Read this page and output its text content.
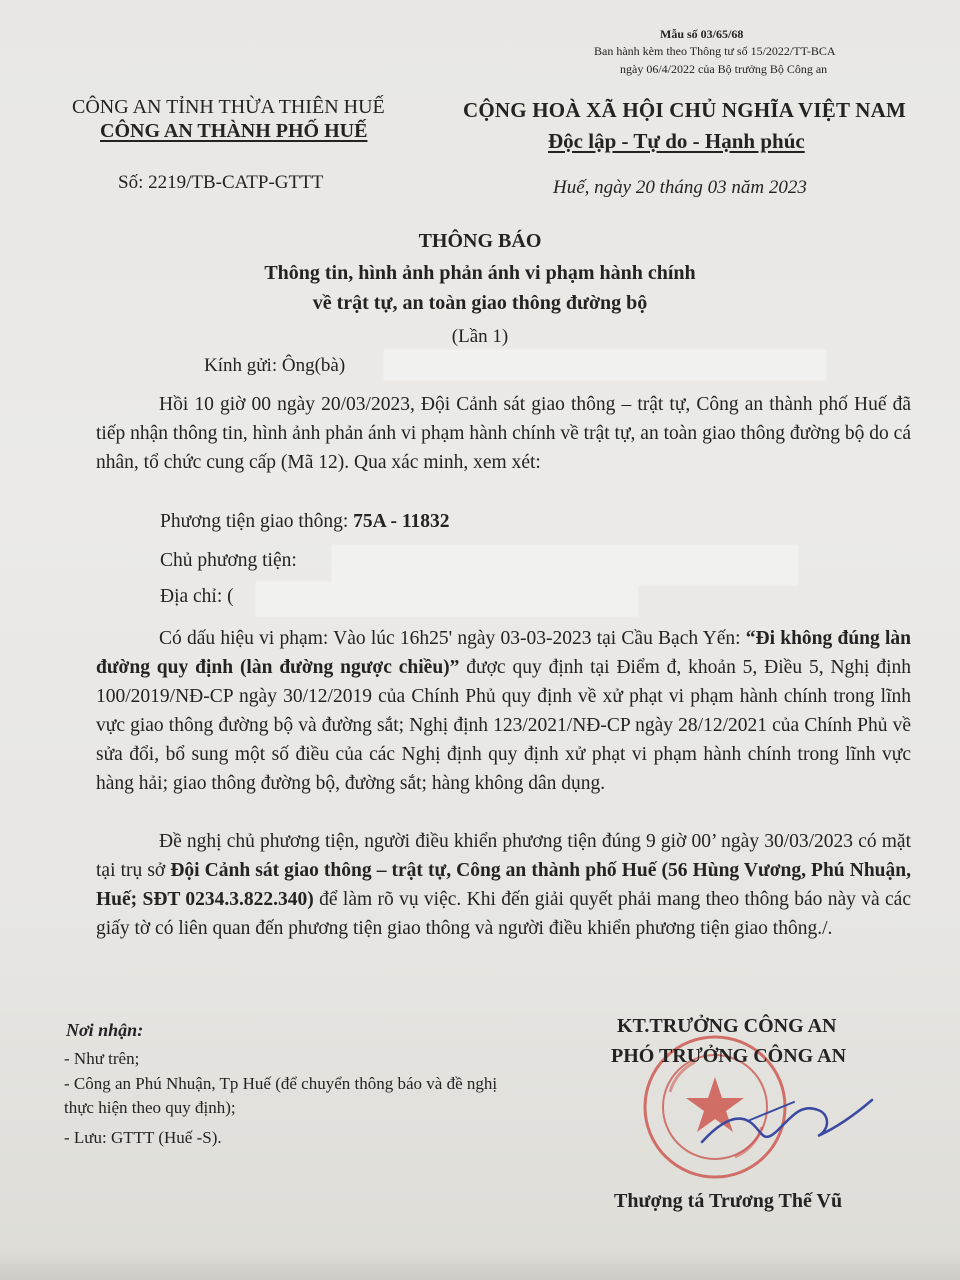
Mẫu số 03/65/68
Ban hành kèm theo Thông tư số 15/2022/TT-BCA
ngày 06/4/2022 của Bộ trưởng Bộ Công an
CÔNG AN TỈNH THỪA THIÊN HUẾ
CÔNG AN THÀNH PHỐ HUẾ
Số: 2219/TB-CATP-GTTT
CỘNG HOÀ XÃ HỘI CHỦ NGHĨA VIỆT NAM
Độc lập - Tự do - Hạnh phúc
Huế, ngày 20 tháng 03 năm 2023
THÔNG BÁO
Thông tin, hình ảnh phản ánh vi phạm hành chính
về trật tự, an toàn giao thông đường bộ
(Lần 1)
Kính gửi: Ông(bà)

Hồi 10 giờ 00 ngày 20/03/2023, Đội Cảnh sát giao thông – trật tự, Công an thành phố Huế đã tiếp nhận thông tin, hình ảnh phản ánh vi phạm hành chính về trật tự, an toàn giao thông đường bộ do cá nhân, tổ chức cung cấp (Mã 12). Qua xác minh, xem xét:

Phương tiện giao thông: 75A - 11832
Chủ phương tiện:
Địa chỉ: (

Có dấu hiệu vi phạm: Vào lúc 16h25' ngày 03-03-2023 tại Cầu Bạch Yến: “Đi không đúng làn đường quy định (làn đường ngược chiều)” được quy định tại Điểm đ, khoản 5, Điều 5, Nghị định 100/2019/NĐ-CP ngày 30/12/2019 của Chính Phủ quy định về xử phạt vi phạm hành chính trong lĩnh vực giao thông đường bộ và đường sắt; Nghị định 123/2021/NĐ-CP ngày 28/12/2021 của Chính Phủ về sửa đổi, bổ sung một số điều của các Nghị định quy định xử phạt vi phạm hành chính trong lĩnh vực hàng hải; giao thông đường bộ, đường sắt; hàng không dân dụng.

Đề nghị chủ phương tiện, người điều khiển phương tiện đúng 9 giờ 00’ ngày 30/03/2023 có mặt tại trụ sở Đội Cảnh sát giao thông – trật tự, Công an thành phố Huế (56 Hùng Vương, Phú Nhuận, Huế; SĐT 0234.3.822.340) để làm rõ vụ việc. Khi đến giải quyết phải mang theo thông báo này và các giấy tờ có liên quan đến phương tiện giao thông và người điều khiển phương tiện giao thông./.

Nơi nhận:
- Như trên;
- Công an Phú Nhuận, Tp Huế (để chuyển thông báo và đề nghị thực hiện theo quy định);
- Lưu: GTTT (Huế -S).
KT.TRƯỞNG CÔNG AN
PHÓ TRƯỞNG CÔNG AN
Thượng tá Trương Thế Vũ
